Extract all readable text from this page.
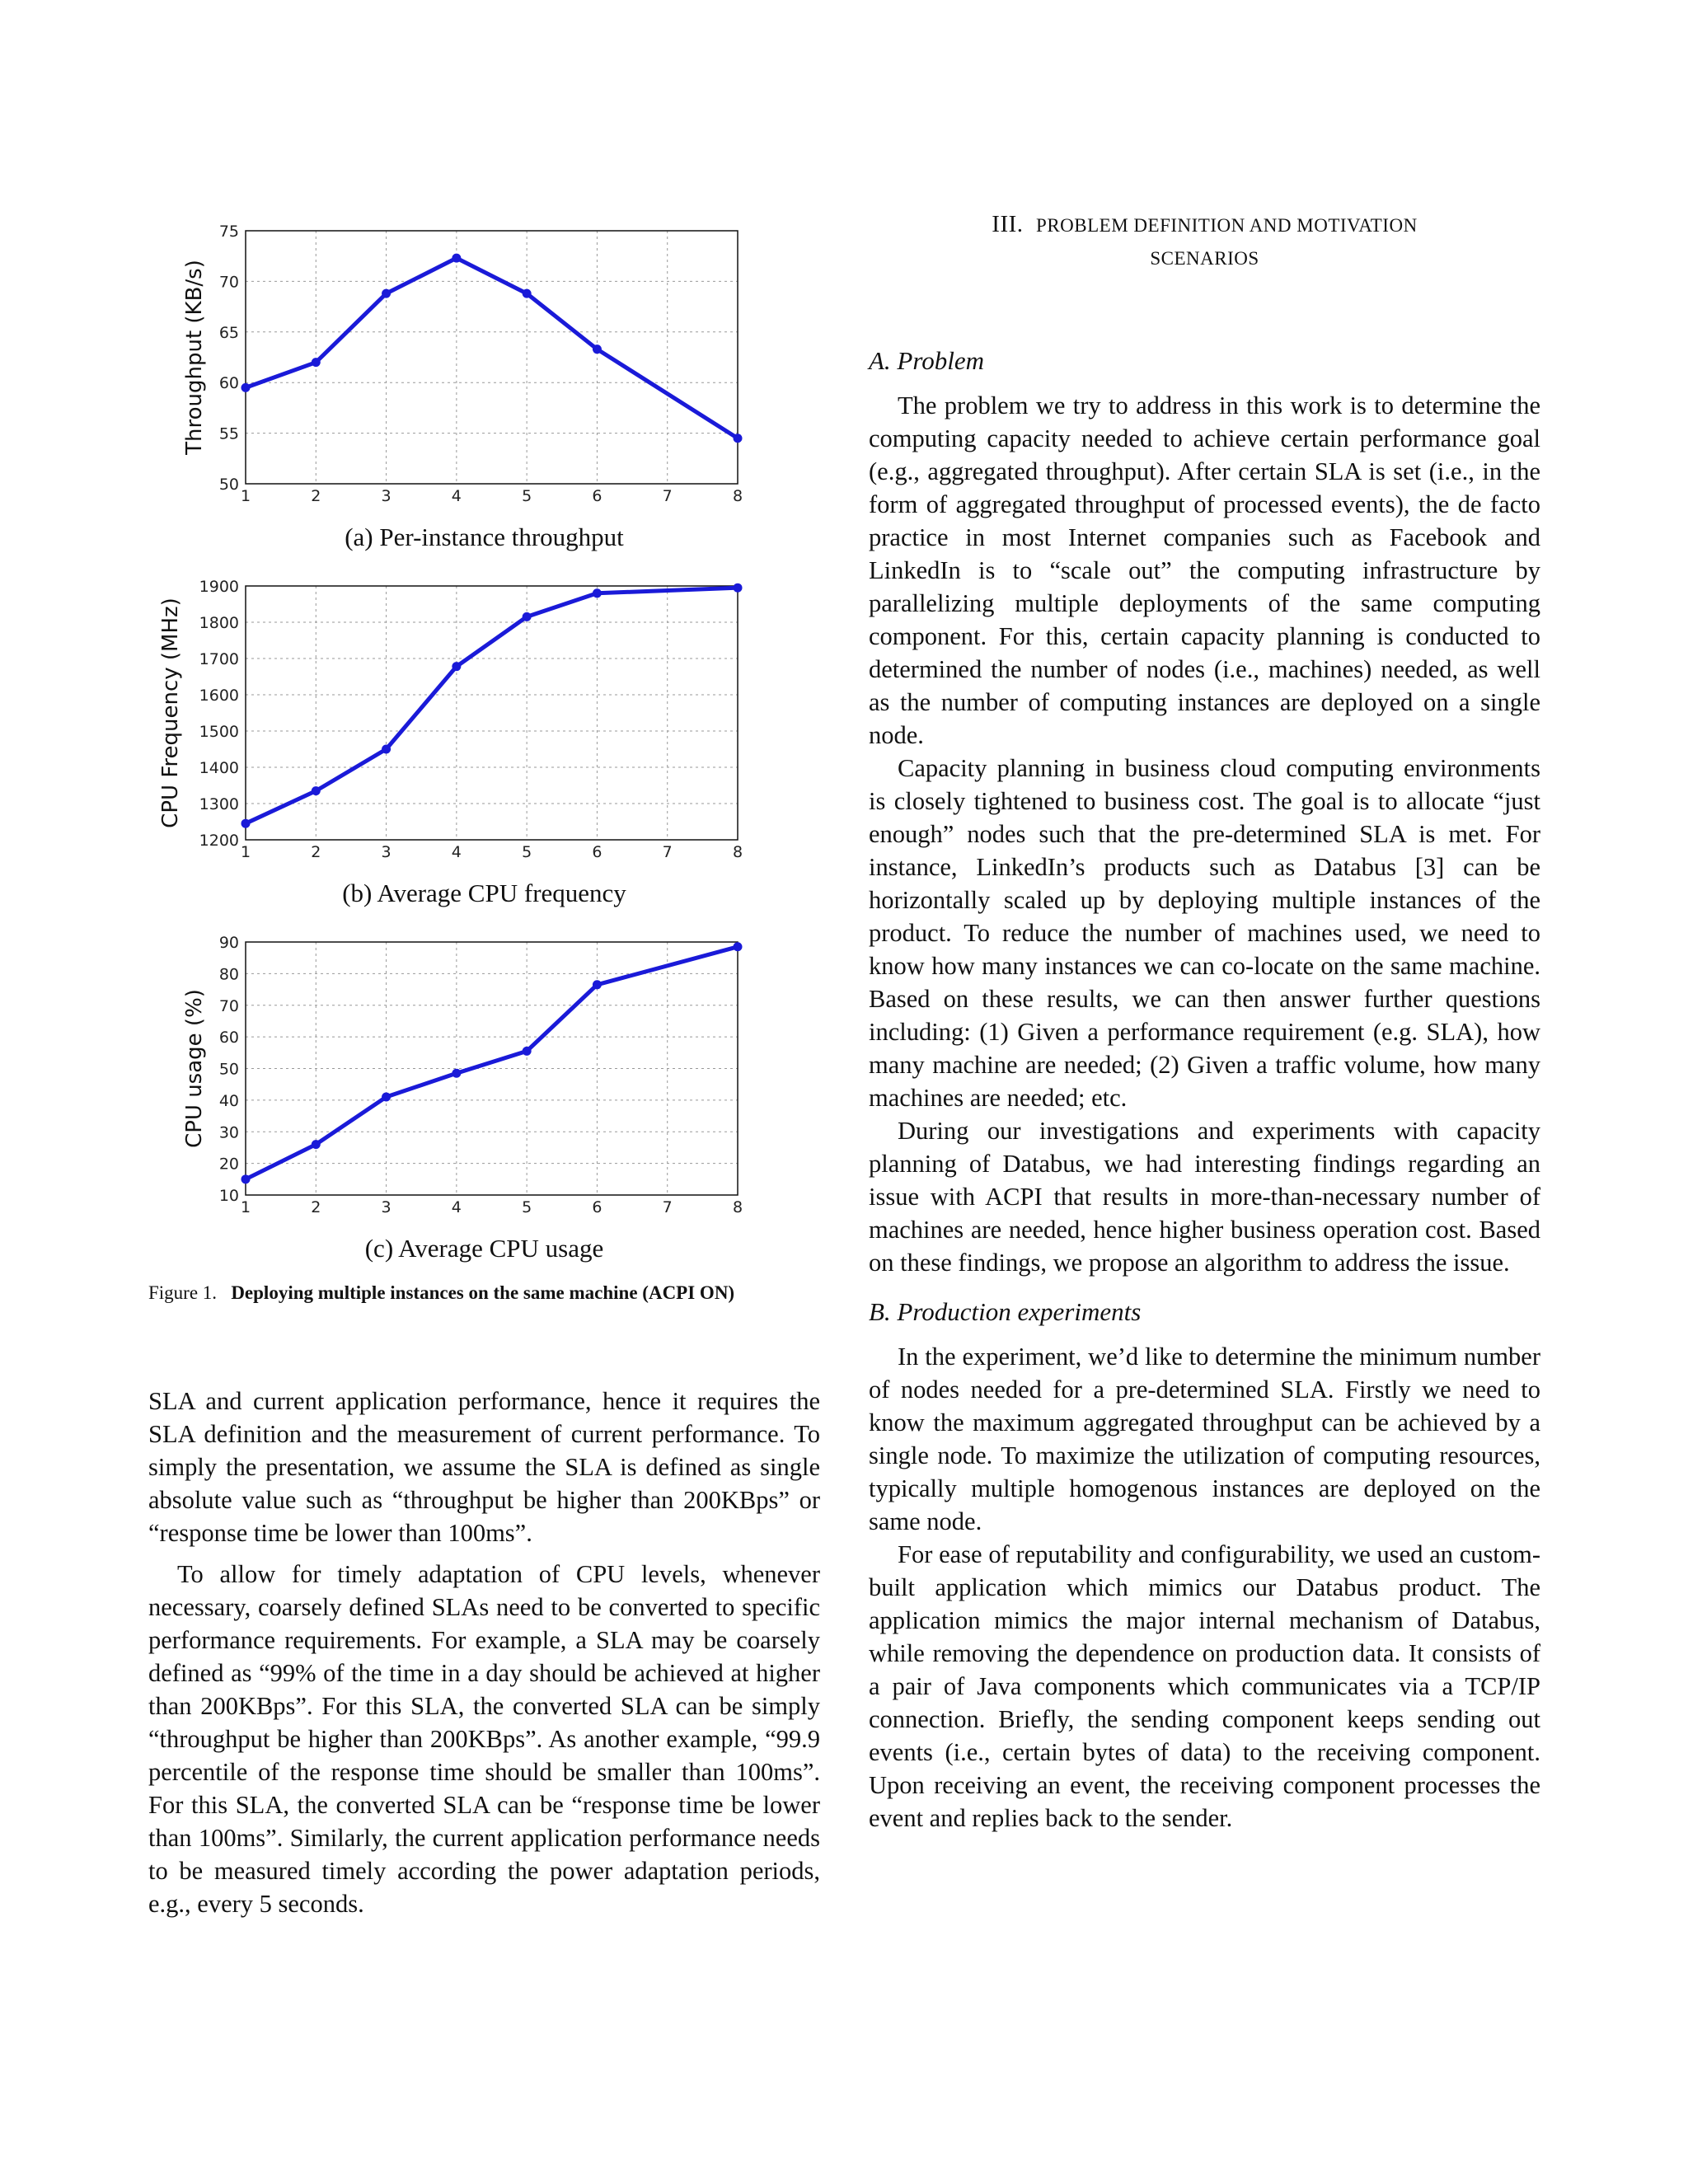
1	2	3	4	5	6	7	8
50
55
60
65
70
75
Throughput (KB/s)
(a) Per-instance throughput
1	2	3	4	5	6	7	8
1200
1300
1400
1500
1600
1700
1800
1900
CPU Frequency (MHz)
(b) Average CPU frequency
1	2	3	4	5	6	7	8
10
20
30
40
50
60
70
80
90
CPU usage (%)
(c) Average CPU usage
Figure 1. Deploying multiple instances on the same machine (ACPI ON)

SLA and current application performance, hence it requires the SLA definition and the measurement of current performance. To simply the presentation, we assume the SLA is defined as single absolute value such as “throughput be higher than 200KBps” or “response time be lower than 100ms”.

To allow for timely adaptation of CPU levels, whenever necessary, coarsely defined SLAs need to be converted to specific performance requirements. For example, a SLA may be coarsely defined as “99% of the time in a day should be achieved at higher than 200KBps”. For this SLA, the converted SLA can be simply “throughput be higher than 200KBps”. As another example, “99.9 percentile of the response time should be smaller than 100ms”. For this SLA, the converted SLA can be “response time be lower than 100ms”. Similarly, the current application performance needs to be measured timely according the power adaptation periods, e.g., every 5 seconds.

III. PROBLEM DEFINITION AND MOTIVATION
SCENARIOS

A. Problem

The problem we try to address in this work is to determine the computing capacity needed to achieve certain performance goal (e.g., aggregated throughput). After certain SLA is set (i.e., in the form of aggregated throughput of processed events), the de facto practice in most Internet companies such as Facebook and LinkedIn is to “scale out” the computing infrastructure by parallelizing multiple deployments of the same computing component. For this, certain capacity planning is conducted to determined the number of nodes (i.e., machines) needed, as well as the number of computing instances are deployed on a single node.

Capacity planning in business cloud computing environments is closely tightened to business cost. The goal is to allocate “just enough” nodes such that the pre-determined SLA is met. For instance, LinkedIn’s products such as Databus [3] can be horizontally scaled up by deploying multiple instances of the product. To reduce the number of machines used, we need to know how many instances we can co-locate on the same machine. Based on these results, we can then answer further questions including: (1) Given a performance requirement (e.g. SLA), how many machine are needed; (2) Given a traffic volume, how many machines are needed; etc.

During our investigations and experiments with capacity planning of Databus, we had interesting findings regarding an issue with ACPI that results in more-than-necessary number of machines are needed, hence higher business operation cost. Based on these findings, we propose an algorithm to address the issue.

B. Production experiments

In the experiment, we’d like to determine the minimum number of nodes needed for a pre-determined SLA. Firstly we need to know the maximum aggregated throughput can be achieved by a single node. To maximize the utilization of computing resources, typically multiple homogenous instances are deployed on the same node.

For ease of reputability and configurability, we used an custom-built application which mimics our Databus product. The application mimics the major internal mechanism of Databus, while removing the dependence on production data. It consists of a pair of Java components which communicates via a TCP/IP connection. Briefly, the sending component keeps sending out events (i.e., certain bytes of data) to the receiving component. Upon receiving an event, the receiving component processes the event and replies back to the sender.
